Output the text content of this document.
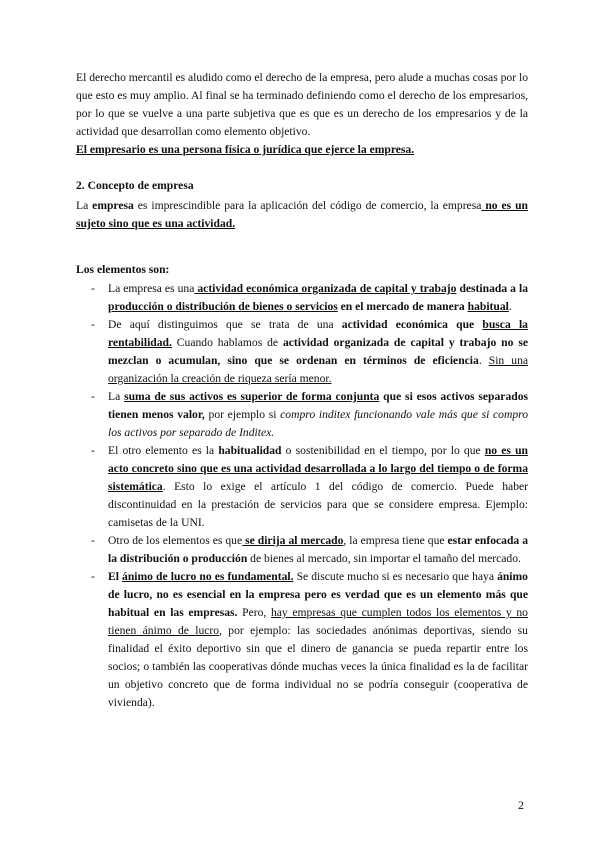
El derecho mercantil es aludido como el derecho de la empresa, pero alude a muchas cosas por lo que esto es muy amplio. Al final se ha terminado definiendo como el derecho de los empresarios, por lo que se vuelve a una parte subjetiva que es que es un derecho de los empresarios y de la actividad que desarrollan como elemento objetivo.

El empresario es una persona física o jurídica que ejerce la empresa.

2. Concepto de empresa

La empresa es imprescindible para la aplicación del código de comercio, la empresa no es un sujeto sino que es una actividad.

Los elementos son:

- La empresa es una actividad económica organizada de capital y trabajo destinada a la producción o distribución de bienes o servicios en el mercado de manera habitual.
- De aquí distinguimos que se trata de una actividad económica que busca la rentabilidad. Cuando hablamos de actividad organizada de capital y trabajo no se mezclan o acumulan, sino que se ordenan en términos de eficiencia. Sin una organización la creación de riqueza sería menor.
- La suma de sus activos es superior de forma conjunta que si esos activos separados tienen menos valor, por ejemplo si compro inditex funcionando vale más que si compro los activos por separado de Inditex.
- El otro elemento es la habitualidad o sostenibilidad en el tiempo, por lo que no es un acto concreto sino que es una actividad desarrollada a lo largo del tiempo o de forma sistemática. Esto lo exige el artículo 1 del código de comercio. Puede haber discontinuidad en la prestación de servicios para que se considere empresa. Ejemplo: camisetas de la UNI.
- Otro de los elementos es que se dirija al mercado, la empresa tiene que estar enfocada a la distribución o producción de bienes al mercado, sin importar el tamaño del mercado.
- El ánimo de lucro no es fundamental. Se discute mucho si es necesario que haya ánimo de lucro, no es esencial en la empresa pero es verdad que es un elemento más que habitual en las empresas. Pero, hay empresas que cumplen todos los elementos y no tienen ánimo de lucro, por ejemplo: las sociedades anónimas deportivas, siendo su finalidad el éxito deportivo sin que el dinero de ganancia se pueda repartir entre los socios; o también las cooperativas dónde muchas veces la única finalidad es la de facilitar un objetivo concreto que de forma individual no se podría conseguir (cooperativa de vivienda).
2
